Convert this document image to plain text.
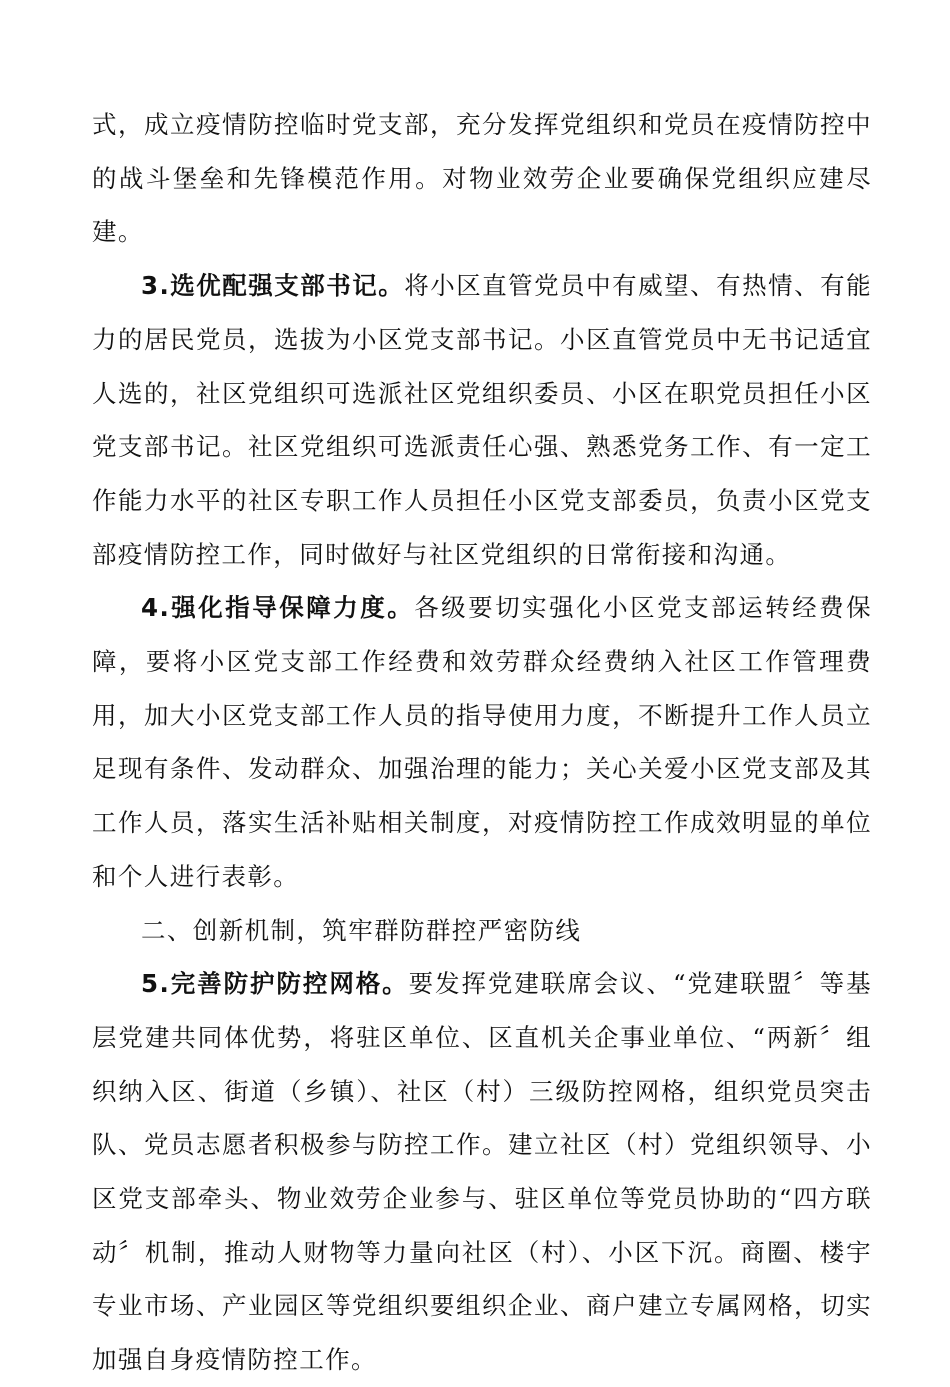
式，成立疫情防控临时党支部，充分发挥党组织和党员在疫情防控中的战斗堡垒和先锋模范作用。对物业效劳企业要确保党组织应建尽建。

3.选优配强支部书记。将小区直管党员中有威望、有热情、有能力的居民党员，选拔为小区党支部书记。小区直管党员中无书记适宜人选的，社区党组织可选派社区党组织委员、小区在职党员担任小区党支部书记。社区党组织可选派责任心强、熟悉党务工作、有一定工作能力水平的社区专职工作人员担任小区党支部委员，负责小区党支部疫情防控工作，同时做好与社区党组织的日常衔接和沟通。

4.强化指导保障力度。各级要切实强化小区党支部运转经费保障，要将小区党支部工作经费和效劳群众经费纳入社区工作管理费用，加大小区党支部工作人员的指导使用力度，不断提升工作人员立足现有条件、发动群众、加强治理的能力；关心关爱小区党支部及其工作人员，落实生活补贴相关制度，对疫情防控工作成效明显的单位和个人进行表彰。

二、创新机制，筑牢群防群控严密防线

5.完善防护防控网格。要发挥党建联席会议、“党建联盟〞等基层党建共同体优势，将驻区单位、区直机关企事业单位、“两新〞组织纳入区、街道（乡镇）、社区（村）三级防控网格，组织党员突击队、党员志愿者积极参与防控工作。建立社区（村）党组织领导、小区党支部牵头、物业效劳企业参与、驻区单位等党员协助的“四方联动〞机制，推动人财物等力量向社区（村）、小区下沉。商圈、楼宇专业市场、产业园区等党组织要组织企业、商户建立专属网格，切实加强自身疫情防控工作。
